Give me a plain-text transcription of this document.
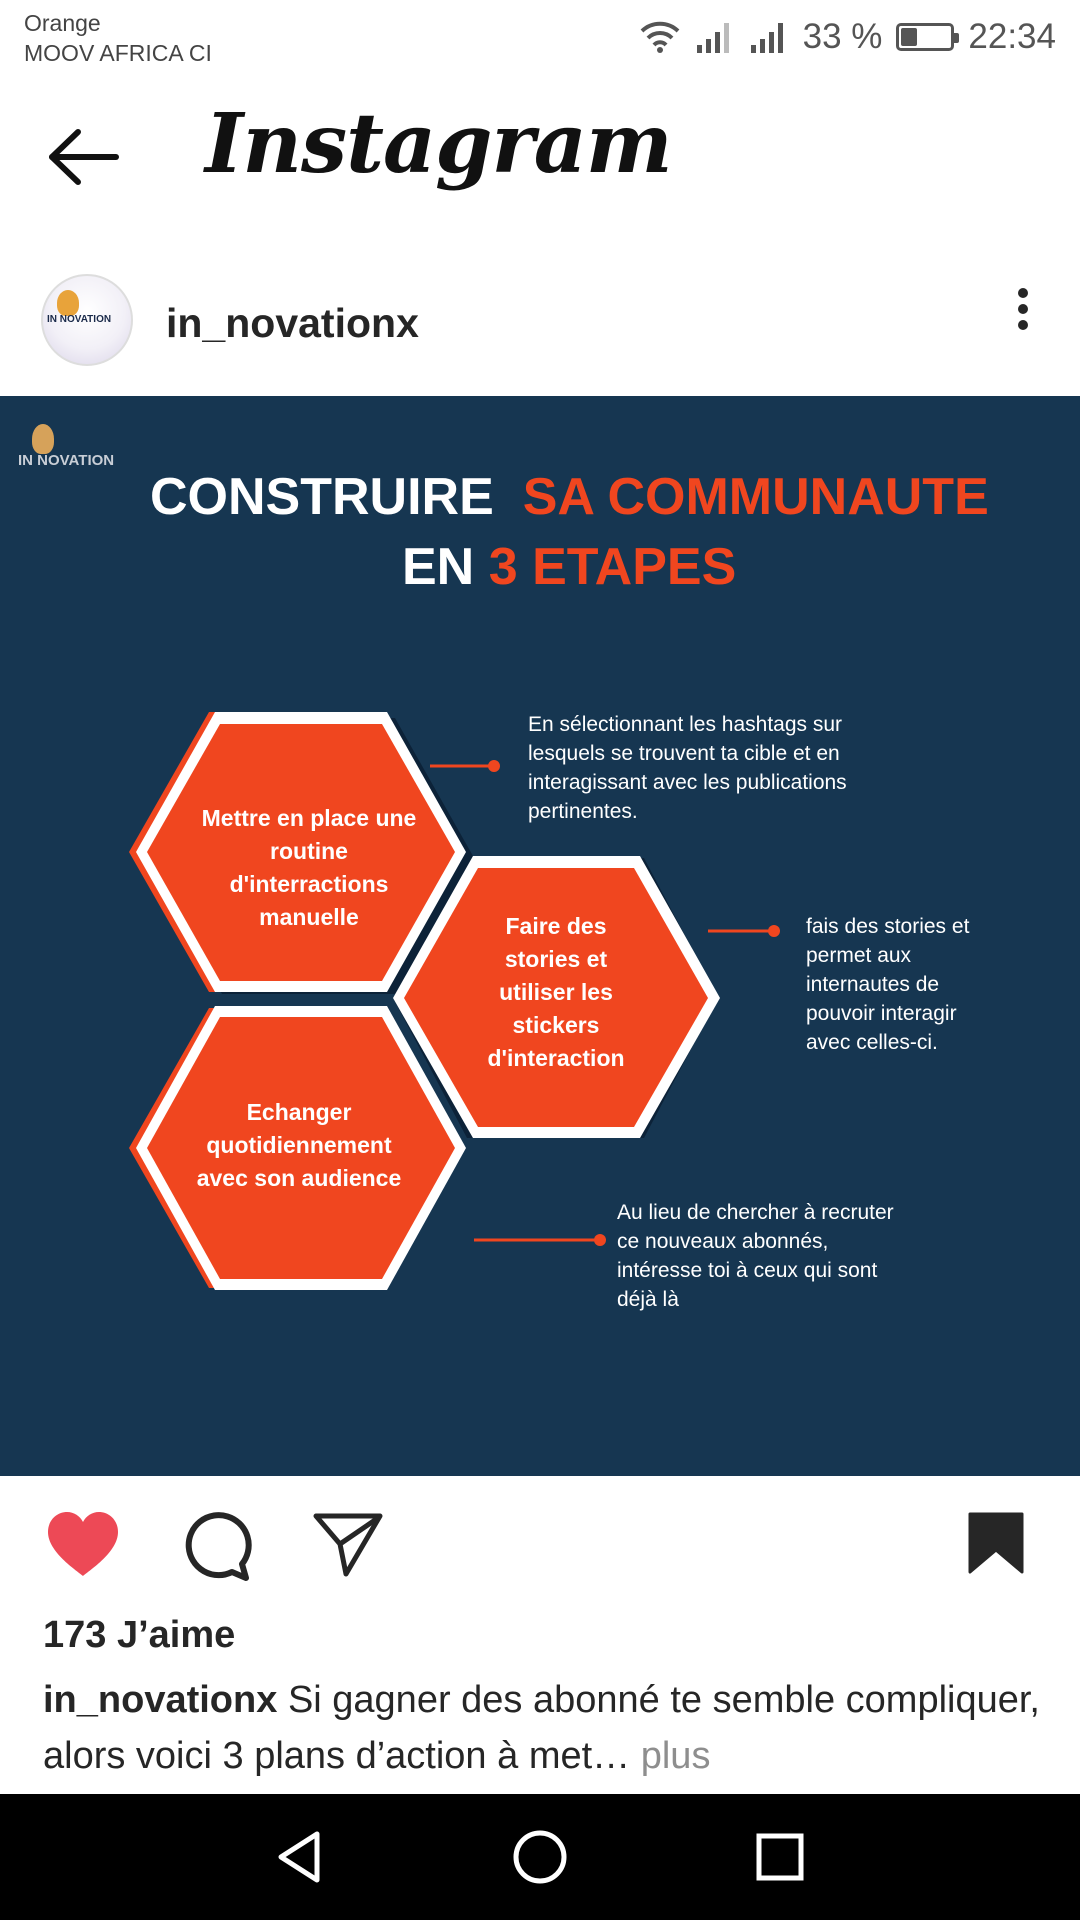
Orange
MOOV AFRICA CI	33 % 22:34
Instagram
IN NOVATION in_novationx
IN NOVATION
CONSTRUIRE SA COMMUNAUTE
EN 3 ETAPES
Mettre en place une routine d'interractions manuelle	Faire des stories et utiliser les stickers d'interaction
Echanger quotidiennement avec son audience
En sélectionnant les hashtags sur lesquels se trouvent ta cible et en interagissant avec les publications pertinentes.
fais des stories et permet aux internautes de pouvoir interagir avec celles-ci.
Au lieu de chercher à recruter ce nouveaux abonnés, intéresse toi à ceux qui sont déjà là
173 J’aime
in_novationx Si gagner des abonné te semble compliquer, alors voici 3 plans d’action à met… plus
